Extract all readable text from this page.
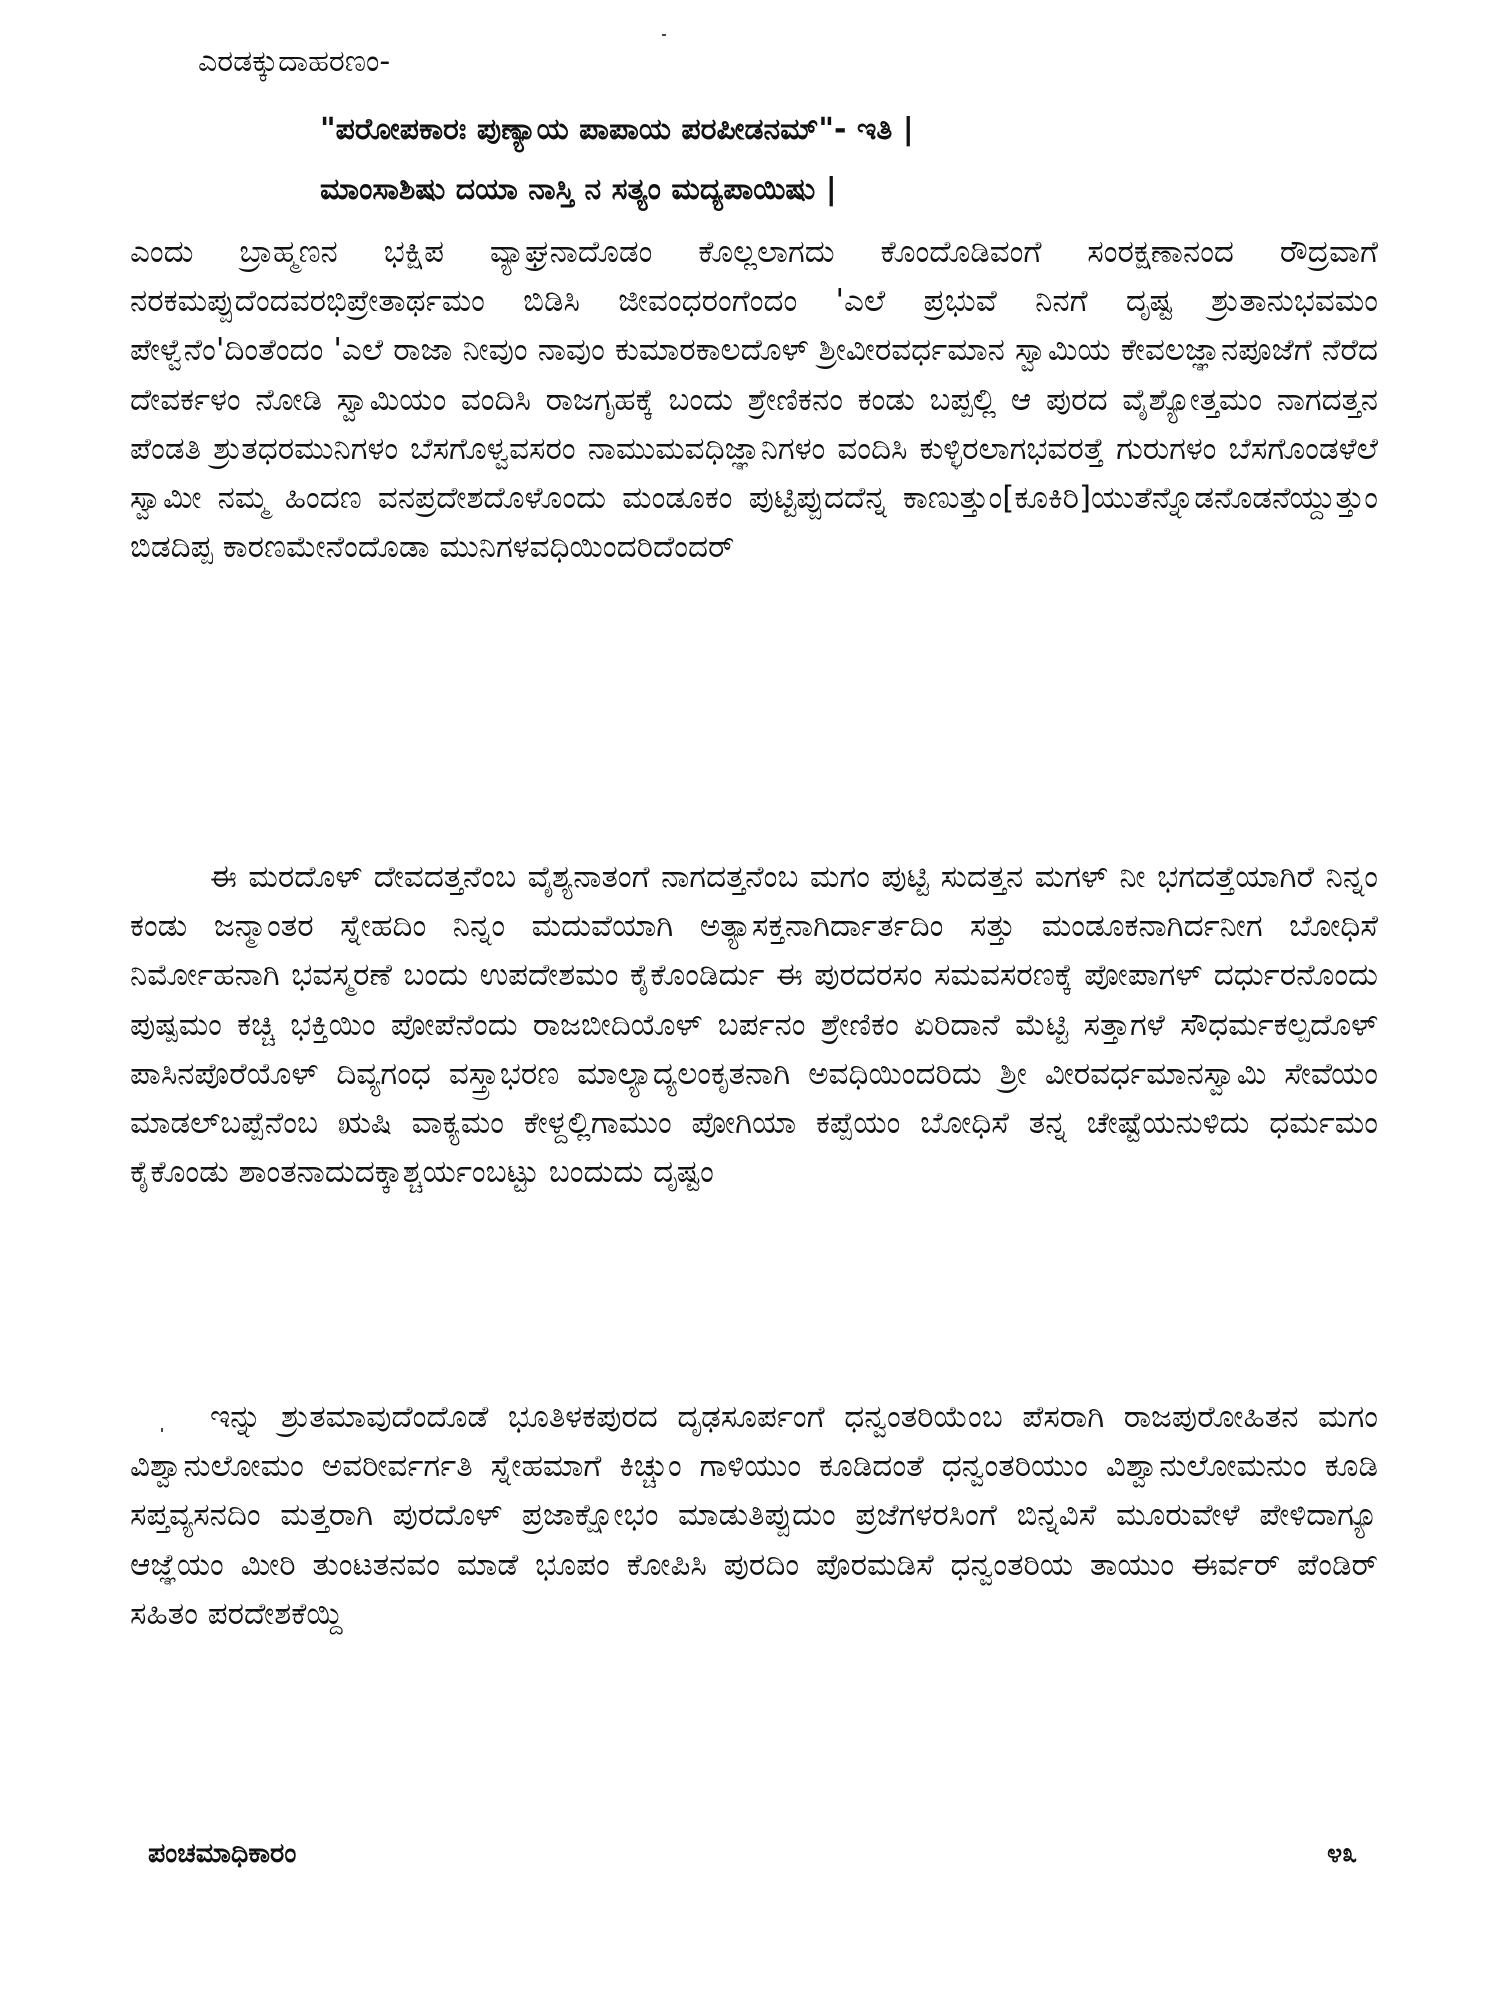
ಎರಡಕ್ಕುದಾಹರಣಂ-
"ಪರೋಪಕಾರಃ ಪುಣ್ಯಾಯ ಪಾಪಾಯ ಪರಪೀಡನಮ್"- ಇತಿ |
ಮಾಂಸಾಶಿಷು ದಯಾ ನಾಸ್ತಿ ನ ಸತ್ಯಂ ಮದ್ಯಪಾಯಿಷು |

ಎಂದು ಬ್ರಾಹ್ಮಣನ ಭಕ್ಷಿಪ ವ್ಯಾಘ್ರನಾದೊಡಂ ಕೊಲ್ಲಲಾಗದು ಕೊಂದೊಡಿವಂಗೆ ಸಂರಕ್ಷಣಾನಂದ ರೌದ್ರವಾಗೆ ನರಕಮಪ್ಪುದೆಂದವರಭಿಪ್ರೇತಾರ್ಥಮಂ ಬಿಡಿಸಿ ಜೀವಂಧರಂಗೆಂದಂ 'ಎಲೆ ಪ್ರಭುವೆ ನಿನಗೆ ದೃಷ್ಟ ಶ್ರುತಾನುಭವಮಂ ಪೇಳ್ವೆನೆಂ'ದಿಂತೆಂದಂ 'ಎಲೆ ರಾಜಾ ನೀವುಂ ನಾವುಂ ಕುಮಾರಕಾಲದೊಳ್ ಶ್ರೀವೀರವರ್ಧಮಾನ ಸ್ವಾಮಿಯ ಕೇವಲಜ್ಞಾನಪೂಜೆಗೆ ನೆರೆದ ದೇವರ್ಕಳಂ ನೋಡಿ ಸ್ವಾಮಿಯಂ ವಂದಿಸಿ ರಾಜಗೃಹಕ್ಕೆ ಬಂದು ಶ್ರೇಣಿಕನಂ ಕಂಡು ಬಪ್ಪಲ್ಲಿ ಆ ಪುರದ ವೈಶ್ಯೋತ್ತಮಂ ನಾಗದತ್ತನ ಪೆಂಡತಿ ಶ್ರುತಧರಮುನಿಗಳಂ ಬೆಸಗೊಳ್ವವಸರಂ ನಾಮುಮವಧಿಜ್ಞಾನಿಗಳಂ ವಂದಿಸಿ ಕುಳ್ಳಿರಲಾಗಭವರತ್ತೆ ಗುರುಗಳಂ ಬೆಸಗೊಂಡಳೆಲೆ ಸ್ವಾಮೀ ನಮ್ಮ ಹಿಂದಣ ವನಪ್ರದೇಶದೊಳೊಂದು ಮಂಡೂಕಂ ಪುಟ್ಟಿಪ್ಪುದದೆನ್ನ ಕಾಣುತ್ತುಂ[ಕೂಕಿರಿ]ಯುತೆನ್ನೊಡನೊಡನೆಯ್ದುತ್ತುಂ ಬಿಡದಿಪ್ಪ ಕಾರಣಮೇನೆಂದೊಡಾ ಮುನಿಗಳವಧಿಯಿಂದರಿದೆಂದರ್

ಈ ಮರದೊಳ್ ದೇವದತ್ತನೆಂಬ ವೈಶ್ಯನಾತಂಗೆ ನಾಗದತ್ತನೆಂಬ ಮಗಂ ಪುಟ್ಟಿ ಸುದತ್ತನ ಮಗಳ್ ನೀ ಭಗದತ್ತೆಯಾಗಿರೆ ನಿನ್ನಂ ಕಂಡು ಜನ್ಮಾಂತರ ಸ್ನೇಹದಿಂ ನಿನ್ನಂ ಮದುವೆಯಾಗಿ ಅತ್ಯಾಸಕ್ತನಾಗಿರ್ದಾರ್ತದಿಂ ಸತ್ತು ಮಂಡೂಕನಾಗಿರ್ದನೀಗ ಬೋಧಿಸೆ ನಿರ್ಮೋಹನಾಗಿ ಭವಸ್ಮರಣೆ ಬಂದು ಉಪದೇಶಮಂ ಕೈಕೊಂಡಿರ್ದು ಈ ಪುರದರಸಂ ಸಮವಸರಣಕ್ಕೆ ಪೋಪಾಗಳ್ ದರ್ಧುರನೊಂದು ಪುಷ್ಪಮಂ ಕಚ್ಚಿ ಭಕ್ತಿಯಿಂ ಪೋಪೆನೆಂದು ರಾಜಬೀದಿಯೊಳ್ ಬರ್ಪನಂ ಶ್ರೇಣಿಕಂ ಏರಿದಾನೆ ಮೆಟ್ಟಿ ಸತ್ತಾಗಳೆ ಸೌಧರ್ಮಕಲ್ಪದೊಳ್ ಪಾಸಿನಪೊರೆಯೊಳ್ ದಿವ್ಯಗಂಧ ವಸ್ತ್ರಾಭರಣ ಮಾಲ್ಯಾದ್ಯಲಂಕೃತನಾಗಿ ಅವಧಿಯಿಂದರಿದು ಶ್ರೀ ವೀರವರ್ಧಮಾನಸ್ವಾಮಿ ಸೇವೆಯಂ ಮಾಡಲ್‌ಬಪ್ಪೆನೆಂಬ ಋಷಿ ವಾಕ್ಯಮಂ ಕೇಳ್ದಲ್ಲಿಗಾಮುಂ ಪೋಗಿಯಾ ಕಪ್ಪೆಯಂ ಬೋಧಿಸೆ ತನ್ನ ಚೇಷ್ಟೆಯನುಳಿದು ಧರ್ಮಮಂ ಕೈಕೊಂಡು ಶಾಂತನಾದುದಕ್ಕಾಶ್ಚರ್ಯಂಬಟ್ಟು ಬಂದುದು ದೃಷ್ಟಂ

ಇನ್ನು ಶ್ರುತಮಾವುದೆಂದೊಡೆ ಭೂತಿಳಕಪುರದ ದೃಢಸೂರ್ಪಂಗೆ ಧನ್ವಂತರಿಯೆಂಬ ಪೆಸರಾಗಿ ರಾಜಪುರೋಹಿತನ ಮಗಂ ವಿಶ್ವಾನುಲೋಮಂ ಅವರೀರ್ವರ್ಗತಿ ಸ್ನೇಹಮಾಗೆ ಕಿಚ್ಚುಂ ಗಾಳಿಯುಂ ಕೂಡಿದಂತೆ ಧನ್ವಂತರಿಯುಂ ವಿಶ್ವಾನುಲೋಮನುಂ ಕೂಡಿ ಸಪ್ತವ್ಯಸನದಿಂ ಮತ್ತರಾಗಿ ಪುರದೊಳ್ ಪ್ರಜಾಕ್ಷೋಭಂ ಮಾಡುತಿಪ್ಪುದುಂ ಪ್ರಜೆಗಳರಸಿಂಗೆ ಬಿನ್ನವಿಸೆ ಮೂರುವೇಳೆ ಪೇಳಿದಾಗ್ಯೂ ಆಜ್ಞೆಯಂ ಮೀರಿ ತುಂಟತನವಂ ಮಾಡೆ ಭೂಪಂ ಕೋಪಿಸಿ ಪುರದಿಂ ಪೊರಮಡಿಸೆ ಧನ್ವಂತರಿಯ ತಾಯುಂ ಈರ್ವರ್ ಪೆಂಡಿರ್ ಸಹಿತಂ ಪರದೇಶಕೆಯ್ದಿ

ಪಂಚಮಾಧಿಕಾರಂ	೪೩
